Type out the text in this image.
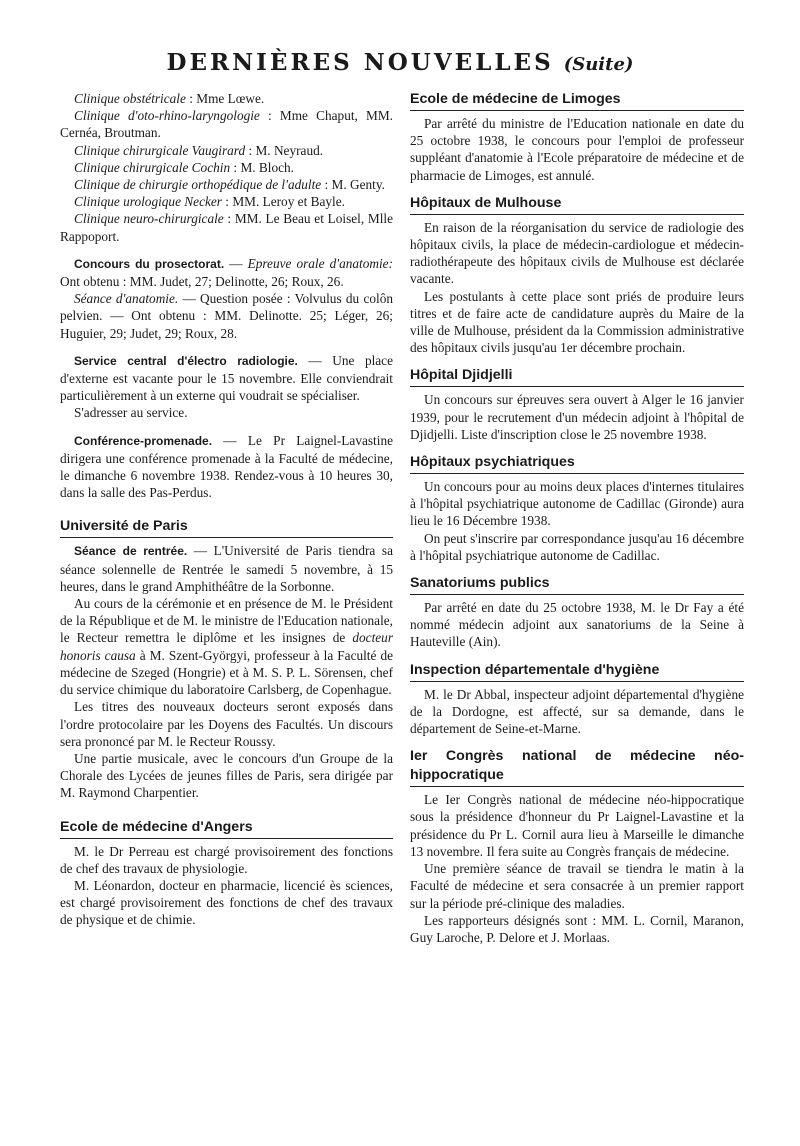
DERNIÈRES NOUVELLES (Suite)

Clinique obstétricale : Mme Lœwe.

Clinique d'oto-rhino-laryngologie : Mme Chaput, MM. Cernéa, Broutman.

Clinique chirurgicale Vaugirard : M. Neyraud.

Clinique chirurgicale Cochin : M. Bloch.

Clinique de chirurgie orthopédique de l'adulte : M. Genty.

Clinique urologique Necker : MM. Leroy et Bayle.

Clinique neuro-chirurgicale : MM. Le Beau et Loisel, Mlle Rappoport.

Concours du prosectorat. — Epreuve orale d'anatomie: Ont obtenu : MM. Judet, 27; Delinotte, 26; Roux, 26.

Séance d'anatomie. — Question posée : Volvulus du colôn pelvien. — Ont obtenu : MM. Delinotte. 25; Léger, 26; Huguier, 29; Judet, 29; Roux, 28.

Service central d'électro radiologie. — Une place d'externe est vacante pour le 15 novembre. Elle conviendrait particulièrement à un externe qui voudrait se spécialiser.

S'adresser au service.

Conférence-promenade. — Le Pr Laignel-Lavastine dirigera une conférence promenade à la Faculté de médecine, le dimanche 6 novembre 1938. Rendez-vous à 10 heures 30, dans la salle des Pas-Perdus.

Université de Paris

Séance de rentrée. — L'Université de Paris tiendra sa séance solennelle de Rentrée le samedi 5 novembre, à 15 heures, dans le grand Amphithéâtre de la Sorbonne.

Au cours de la cérémonie et en présence de M. le Président de la République et de M. le ministre de l'Education nationale, le Recteur remettra le diplôme et les insignes de docteur honoris causa à M. Szent-Györgyi, professeur à la Faculté de médecine de Szeged (Hongrie) et à M. S. P. L. Sörensen, chef du service chimique du laboratoire Carlsberg, de Copenhague.

Les titres des nouveaux docteurs seront exposés dans l'ordre protocolaire par les Doyens des Facultés. Un discours sera prononcé par M. le Recteur Roussy.

Une partie musicale, avec le concours d'un Groupe de la Chorale des Lycées de jeunes filles de Paris, sera dirigée par M. Raymond Charpentier.

Ecole de médecine d'Angers

M. le Dr Perreau est chargé provisoirement des fonctions de chef des travaux de physiologie.

M. Léonardon, docteur en pharmacie, licencié ès sciences, est chargé provisoirement des fonctions de chef des travaux de physique et de chimie.

Ecole de médecine de Limoges

Par arrêté du ministre de l'Education nationale en date du 25 octobre 1938, le concours pour l'emploi de professeur suppléant d'anatomie à l'Ecole préparatoire de médecine et de pharmacie de Limoges, est annulé.

Hôpitaux de Mulhouse

En raison de la réorganisation du service de radiologie des hôpitaux civils, la place de médecin-cardiologue et médecin-radiothérapeute des hôpitaux civils de Mulhouse est déclarée vacante.

Les postulants à cette place sont priés de produire leurs titres et de faire acte de candidature auprès du Maire de la ville de Mulhouse, président da la Commission administrative des hôpitaux civils jusqu'au 1er décembre prochain.

Hôpital Djidjelli

Un concours sur épreuves sera ouvert à Alger le 16 janvier 1939, pour le recrutement d'un médecin adjoint à l'hôpital de Djidjelli. Liste d'inscription close le 25 novembre 1938.

Hôpitaux psychiatriques

Un concours pour au moins deux places d'internes titulaires à l'hôpital psychiatrique autonome de Cadillac (Gironde) aura lieu le 16 Décembre 1938.

On peut s'inscrire par correspondance jusqu'au 16 décembre à l'hôpital psychiatrique autonome de Cadillac.

Sanatoriums publics

Par arrêté en date du 25 octobre 1938, M. le Dr Fay a été nommé médecin adjoint aux sanatoriums de la Seine à Hauteville (Ain).

Inspection départementale d'hygiène

M. le Dr Abbal, inspecteur adjoint départemental d'hygiène de la Dordogne, est affecté, sur sa demande, dans le département de Seine-et-Marne.

Ier Congrès national de médecine néo-hippocratique

Le Ier Congrès national de médecine néo-hippocratique sous la présidence d'honneur du Pr Laignel-Lavastine et la présidence du Pr L. Cornil aura lieu à Marseille le dimanche 13 novembre. Il fera suite au Congrès français de médecine.

Une première séance de travail se tiendra le matin à la Faculté de médecine et sera consacrée à un premier rapport sur la période pré-clinique des maladies.

Les rapporteurs désignés sont : MM. L. Cornil, Maranon, Guy Laroche, P. Delore et J. Morlaas.
